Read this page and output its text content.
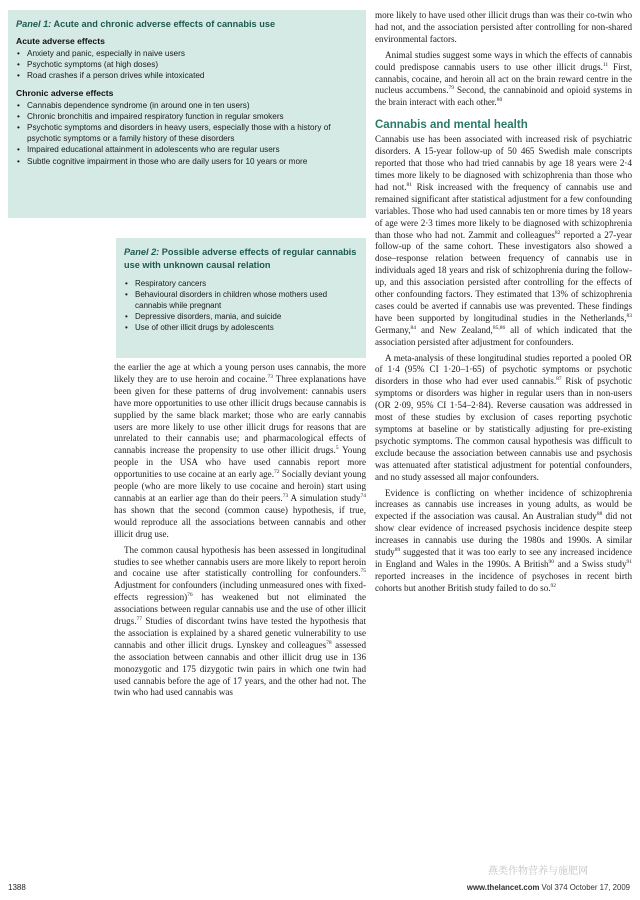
Panel 1: Acute and chronic adverse effects of cannabis use
Acute adverse effects
• Anxiety and panic, especially in naive users
• Psychotic symptoms (at high doses)
• Road crashes if a person drives while intoxicated
Chronic adverse effects
• Cannabis dependence syndrome (in around one in ten users)
• Chronic bronchitis and impaired respiratory function in regular smokers
• Psychotic symptoms and disorders in heavy users, especially those with a history of psychotic symptoms or a family history of these disorders
• Impaired educational attainment in adolescents who are regular users
• Subtle cognitive impairment in those who are daily users for 10 years or more
Panel 2: Possible adverse effects of regular cannabis use with unknown causal relation
• Respiratory cancers
• Behavioural disorders in children whose mothers used cannabis while pregnant
• Depressive disorders, mania, and suicide
• Use of other illicit drugs by adolescents

the earlier the age at which a young person uses cannabis, the more likely they are to use heroin and cocaine.$^{73}$ Three explanations have been given for these patterns of drug involvement: cannabis users have more opportunities to use other illicit drugs because cannabis is supplied by the same black market; those who are early cannabis users are more likely to use other illicit drugs for reasons that are unrelated to their cannabis use; and pharmacological effects of cannabis increase the propensity to use other illicit drugs.$^5$ Young people in the USA who have used cannabis report more opportunities to use cocaine at an early age.$^{72}$ Socially deviant young people (who are more likely to use cocaine and heroin) start using cannabis at an earlier age than do their peers.$^{73}$ A simulation study$^{74}$ has shown that the second (common cause) hypothesis, if true, would reproduce all the associations between cannabis and other illicit drug use.

The common causal hypothesis has been assessed in longitudinal studies to see whether cannabis users are more likely to report heroin and cocaine use after statistically controlling for confounders.$^{75}$ Adjustment for confounders (including unmeasured ones with fixed-effects regression)$^{76}$ has weakened but not eliminated the associations between regular cannabis use and the use of other illicit drugs.$^{77}$ Studies of discordant twins have tested the hypothesis that the association is explained by a shared genetic vulnerability to use cannabis and other illicit drugs. Lynskey and colleagues$^{78}$ assessed the association between cannabis and other illicit drug use in 136 monozygotic and 175 dizygotic twin pairs in which one twin had used cannabis before the age of 17 years, and the other had not. The twin who had used cannabis was

more likely to have used other illicit drugs than was their co-twin who had not, and the association persisted after controlling for non-shared environmental factors.

Animal studies suggest some ways in which the effects of cannabis could predispose cannabis users to use other illicit drugs.$^{11}$ First, cannabis, cocaine, and heroin all act on the brain reward centre in the nucleus accumbens.$^{79}$ Second, the cannabinoid and opioid systems in the brain interact with each other.$^{80}$

Cannabis and mental health

Cannabis use has been associated with increased risk of psychiatric disorders. A 15-year follow-up of 50 465 Swedish male conscripts reported that those who had tried cannabis by age 18 years were 2·4 times more likely to be diagnosed with schizophrenia than those who had not.$^{81}$ Risk increased with the frequency of cannabis use and remained significant after statistical adjustment for a few confounding variables. Those who had used cannabis ten or more times by 18 years of age were 2·3 times more likely to be diagnosed with schizophrenia than those who had not. Zammit and colleagues$^{82}$ reported a 27-year follow-up of the same cohort. These investigators also showed a dose–response relation between frequency of cannabis use in individuals aged 18 years and risk of schizophrenia during the follow-up, and this association persisted after controlling for the effects of other confounding factors. They estimated that 13% of schizophrenia cases could be averted if cannabis use was prevented. These findings have been supported by longitudinal studies in the Netherlands,$^{83}$ Germany,$^{84}$ and New Zealand,$^{85,86}$ all of which indicated that the association persisted after adjustment for confounders.

A meta-analysis of these longitudinal studies reported a pooled OR of 1·4 (95% CI 1·20–1·65) of psychotic symptoms or psychotic disorders in those who had ever used cannabis.$^{87}$ Risk of psychotic symptoms or disorders was higher in regular users than in non-users (OR 2·09, 95% CI 1·54–2·84). Reverse causation was addressed in most of these studies by exclusion of cases reporting psychotic symptoms at baseline or by statistically adjusting for pre-existing psychotic symptoms. The common causal hypothesis was difficult to exclude because the association between cannabis use and psychosis was attenuated after statistical adjustment for potential confounders, and no study assessed all major confounders.

Evidence is conflicting on whether incidence of schizophrenia increases as cannabis use increases in young adults, as would be expected if the association was causal. An Australian study$^{88}$ did not show clear evidence of increased psychosis incidence despite steep increases in cannabis use during the 1980s and 1990s. A similar study$^{89}$ suggested that it was too early to see any increased incidence in England and Wales in the 1990s. A British$^{90}$ and a Swiss study$^{91}$ reported increases in the incidence of psychoses in recent birth cohorts but another British study failed to do so.$^{92}$

1388
燕类作物营养与施肥网
www.thelancet.com Vol 374 October 17, 2009
